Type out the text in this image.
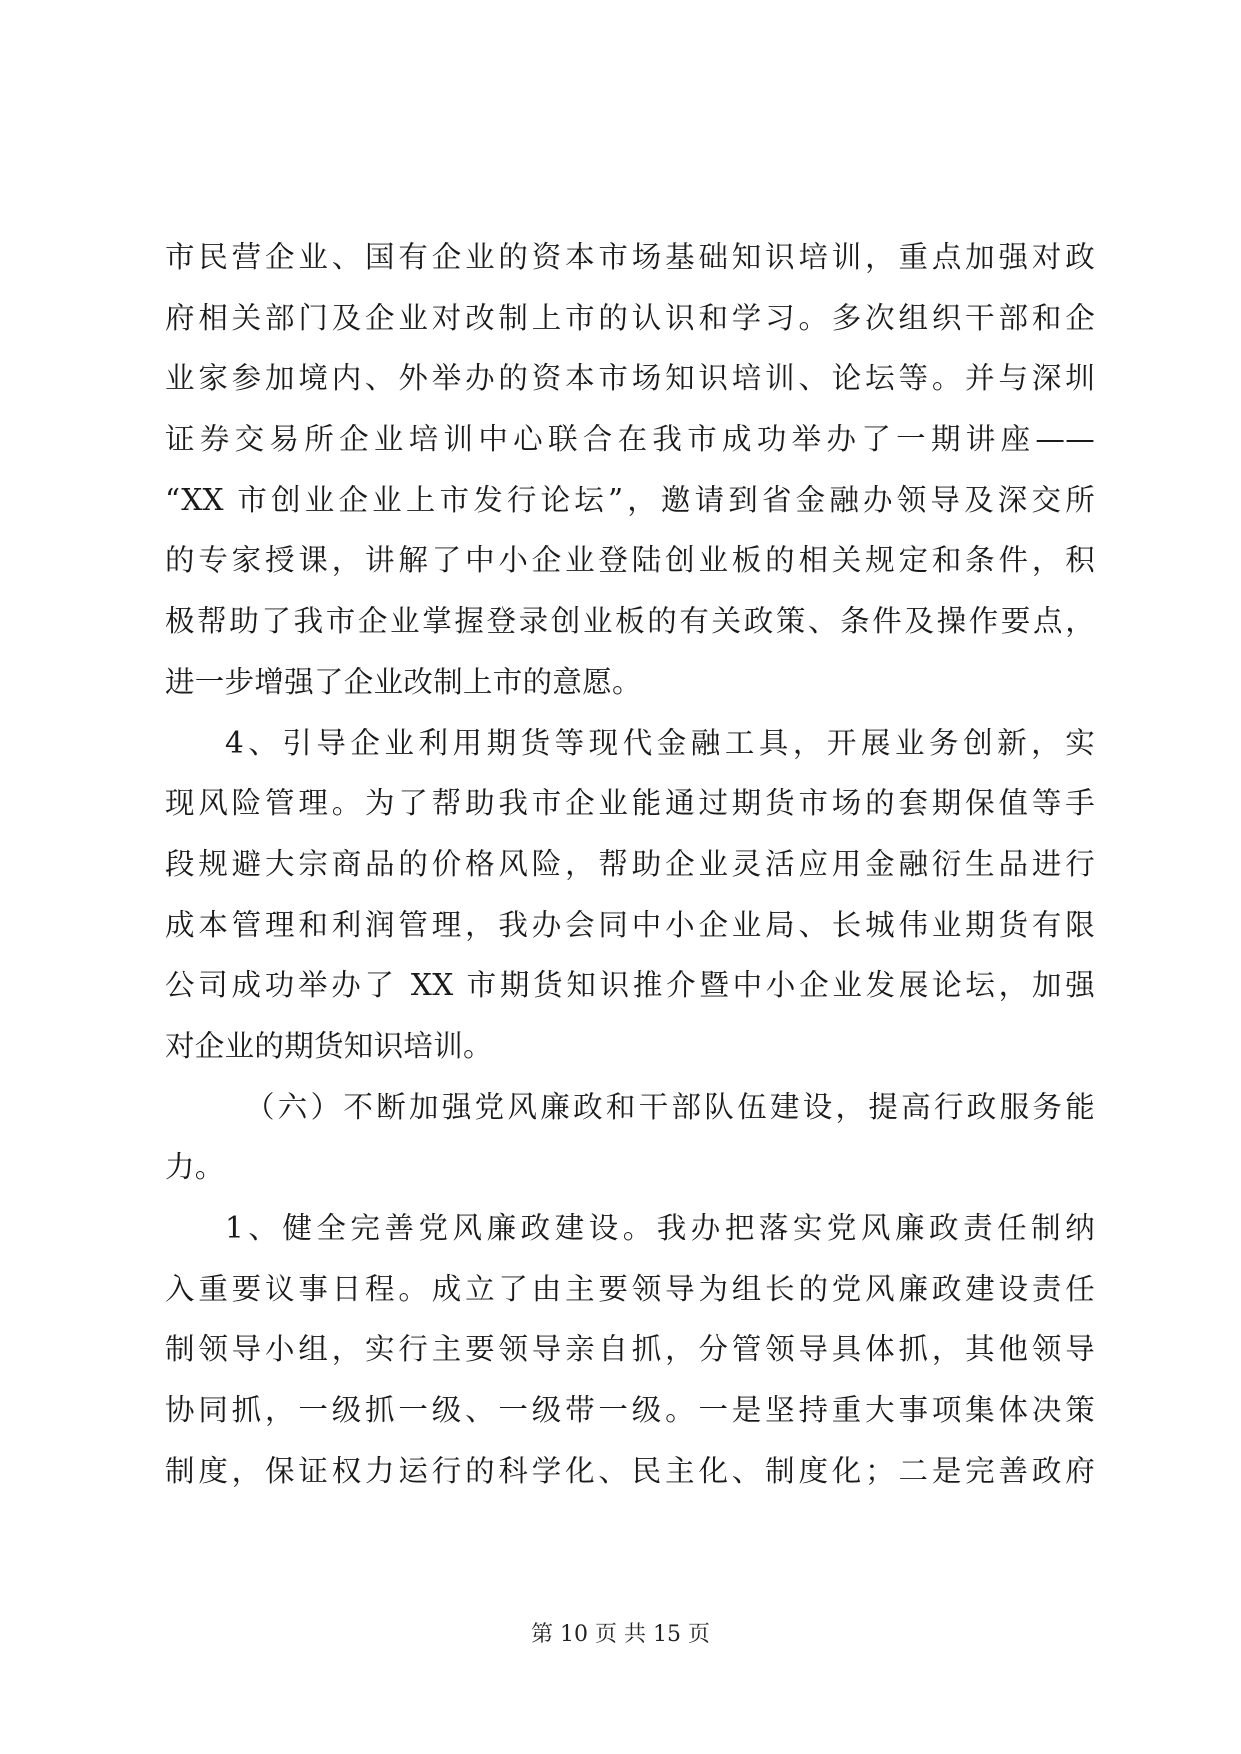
市民营企业、国有企业的资本市场基础知识培训，重点加强对政
府相关部门及企业对改制上市的认识和学习。多次组织干部和企
业家参加境内、外举办的资本市场知识培训、论坛等。并与深圳
证券交易所企业培训中心联合在我市成功举办了一期讲座——
“XX 市创业企业上市发行论坛”，邀请到省金融办领导及深交所
的专家授课，讲解了中小企业登陆创业板的相关规定和条件，积
极帮助了我市企业掌握登录创业板的有关政策、条件及操作要点，
进一步增强了企业改制上市的意愿。
4、引导企业利用期货等现代金融工具，开展业务创新，实
现风险管理。为了帮助我市企业能通过期货市场的套期保值等手
段规避大宗商品的价格风险，帮助企业灵活应用金融衍生品进行
成本管理和利润管理，我办会同中小企业局、长城伟业期货有限
公司成功举办了 XX 市期货知识推介暨中小企业发展论坛，加强
对企业的期货知识培训。
（六）不断加强党风廉政和干部队伍建设，提高行政服务能
力。
1、健全完善党风廉政建设。我办把落实党风廉政责任制纳
入重要议事日程。成立了由主要领导为组长的党风廉政建设责任
制领导小组，实行主要领导亲自抓，分管领导具体抓，其他领导
协同抓，一级抓一级、一级带一级。一是坚持重大事项集体决策
制度，保证权力运行的科学化、民主化、制度化；二是完善政府
第 10 页 共 15 页
